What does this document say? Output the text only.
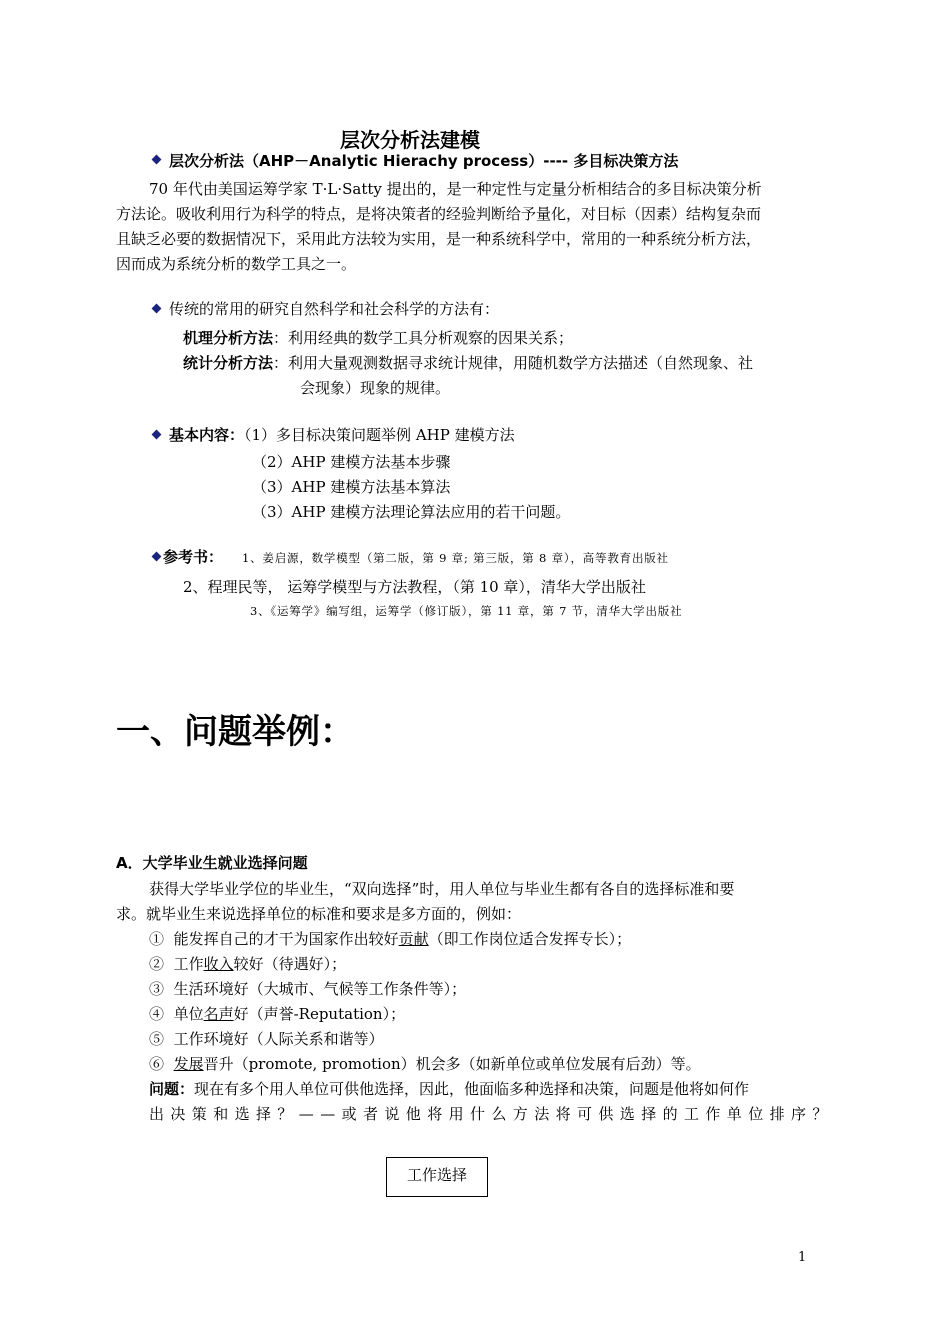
层次分析法建模
层次分析法（AHP－Analytic Hierachy process）---- 多目标决策方法
70 年代由美国运筹学家 T·L·Satty 提出的，是一种定性与定量分析相结合的多目标决策分析
方法论。吸收利用行为科学的特点，是将决策者的经验判断给予量化，对目标（因素）结构复杂而
且缺乏必要的数据情况下，采用此方法较为实用，是一种系统科学中，常用的一种系统分析方法，
因而成为系统分析的数学工具之一。
传统的常用的研究自然科学和社会科学的方法有：
机理分析方法：利用经典的数学工具分析观察的因果关系；
统计分析方法：利用大量观测数据寻求统计规律，用随机数学方法描述（自然现象、社
会现象）现象的规律。
基本内容：（1）多目标决策问题举例 AHP 建模方法
（2）AHP 建模方法基本步骤
（3）AHP 建模方法基本算法
（3）AHP 建模方法理论算法应用的若干问题。
参考书： 1、姜启源，数学模型（第二版，第 9 章; 第三版，第 8 章），高等教育出版社
2、程理民等， 运筹学模型与方法教程，（第 10 章），清华大学出版社
3、《运筹学》编写组，运筹学（修订版），第 11 章，第 7 节，清华大学出版社
一、问题举例：
A．大学毕业生就业选择问题
获得大学毕业学位的毕业生，“双向选择”时，用人单位与毕业生都有各自的选择标准和要
求。就毕业生来说选择单位的标准和要求是多方面的，例如：
① 能发挥自己的才干为国家作出较好贡献（即工作岗位适合发挥专长）；
② 工作收入较好（待遇好）；
③ 生活环境好（大城市、气候等工作条件等）；
④ 单位名声好（声誉-Reputation）；
⑤ 工作环境好（人际关系和谐等）
⑥ 发展晋升（promote, promotion）机会多（如新单位或单位发展有后劲）等。
问题：现在有多个用人单位可供他选择，因此，他面临多种选择和决策，问题是他将如何作
出决策和选择？——或者说他将用什么方法将可供选择的工作单位排序？
工作选择
1
